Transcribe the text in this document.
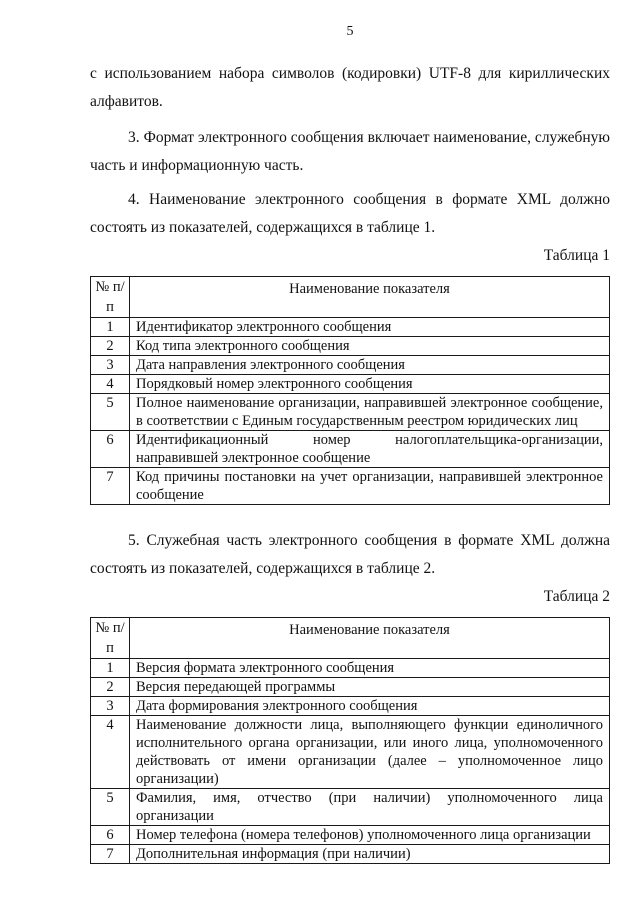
5

с использованием набора символов (кодировки) UTF-8 для кириллических алфавитов.

3. Формат электронного сообщения включает наименование, служебную часть и информационную часть.

4. Наименование электронного сообщения в формате XML должно состоять из показателей, содержащихся в таблице 1.

Таблица 1
№ п/п	Наименование показателя
1	Идентификатор электронного сообщения
2	Код типа электронного сообщения
3	Дата направления электронного сообщения
4	Порядковый номер электронного сообщения
5	Полное наименование организации, направившей электронное сообщение, в соответствии с Единым государственным реестром юридических лиц
6	Идентификационный номер налогоплательщика-организации, направившей электронное сообщение
7	Код причины постановки на учет организации, направившей электронное сообщение

5. Служебная часть электронного сообщения в формате XML должна состоять из показателей, содержащихся в таблице 2.

Таблица 2
№ п/п	Наименование показателя
1	Версия формата электронного сообщения
2	Версия передающей программы
3	Дата формирования электронного сообщения
4	Наименование должности лица, выполняющего функции единоличного исполнительного органа организации, или иного лица, уполномоченного действовать от имени организации (далее – уполномоченное лицо организации)
5	Фамилия, имя, отчество (при наличии) уполномоченного лица организации
6	Номер телефона (номера телефонов) уполномоченного лица организации
7	Дополнительная информация (при наличии)
